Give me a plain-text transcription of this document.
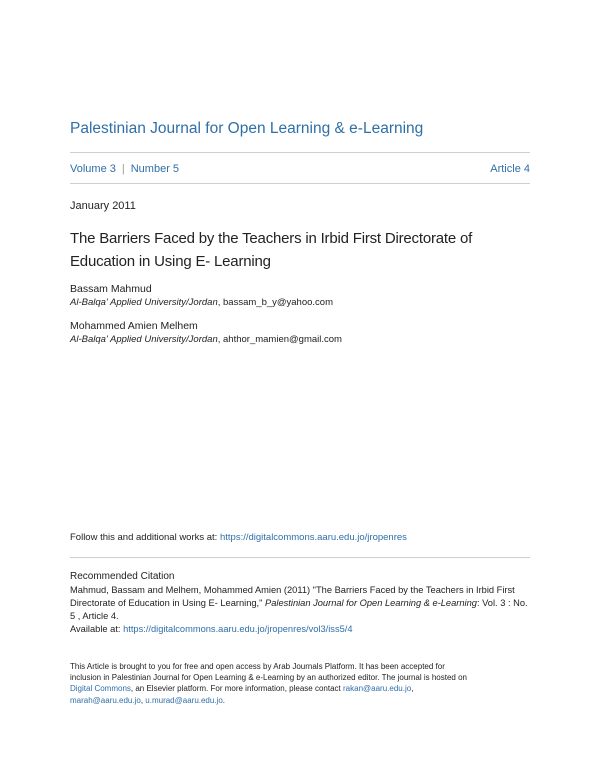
Palestinian Journal for Open Learning & e-Learning
Volume 3 | Number 5	Article 4
January 2011
The Barriers Faced by the Teachers in Irbid First Directorate of Education in Using E- Learning
Bassam Mahmud
Al-Balqa' Applied University/Jordan, bassam_b_y@yahoo.com
Mohammed Amien Melhem
Al-Balqa' Applied University/Jordan, ahthor_mamien@gmail.com
Follow this and additional works at: https://digitalcommons.aaru.edu.jo/jropenres
Recommended Citation
Mahmud, Bassam and Melhem, Mohammed Amien (2011) "The Barriers Faced by the Teachers in Irbid First Directorate of Education in Using E- Learning," Palestinian Journal for Open Learning & e-Learning: Vol. 3 : No. 5 , Article 4.
Available at: https://digitalcommons.aaru.edu.jo/jropenres/vol3/iss5/4
This Article is brought to you for free and open access by Arab Journals Platform. It has been accepted for inclusion in Palestinian Journal for Open Learning & e-Learning by an authorized editor. The journal is hosted on Digital Commons, an Elsevier platform. For more information, please contact rakan@aaru.edu.jo, marah@aaru.edu.jo, u.murad@aaru.edu.jo.
